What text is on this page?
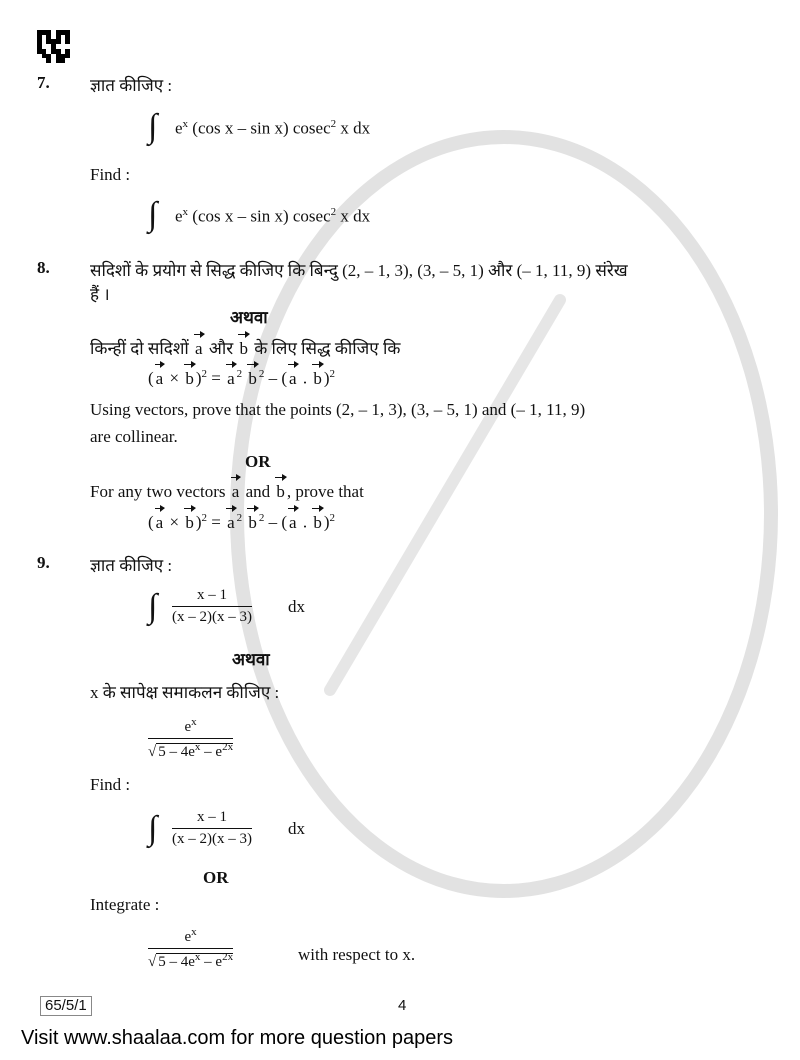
7. ज्ञात कीजिए :
∫ $e^x$ (cos x – sin x) cosec$^2$ x dx
Find :
∫ $e^x$ (cos x – sin x) cosec$^2$ x dx
8. सदिशों के प्रयोग से सिद्ध कीजिए कि बिन्दु (2, – 1, 3), (3, – 5, 1) और (– 1, 11, 9) संरेख
हैं ।
अथवा
किन्हीं दो सदिशों a और b के लिए सिद्ध कीजिए कि
( a × b )$^2$ = a $^2$ b $^2$ – ( a . b )$^2$
Using vectors, prove that the points (2, – 1, 3), (3, – 5, 1) and (– 1, 11, 9)
are collinear.
OR
For any two vectors a and b , prove that
( a × b )$^2$ = a $^2$ b $^2$ – ( a . b )$^2$
9. ज्ञात कीजिए :
∫ $\frac{x - 1}{(x - 2)(x - 3)}$ dx
अथवा
x के सापेक्ष समाकलन कीजिए :
$\frac{e^x}{√ 5 - 4e^x - e^{2x}}$
Find :
∫ $\frac{x - 1}{(x - 2)(x - 3)}$ dx
OR
Integrate :
$\frac{e^x}{√ 5 - 4e^x - e^{2x}}$	with respect to x.
65/5/1	4
Visit www.shaalaa.com for more question papers
